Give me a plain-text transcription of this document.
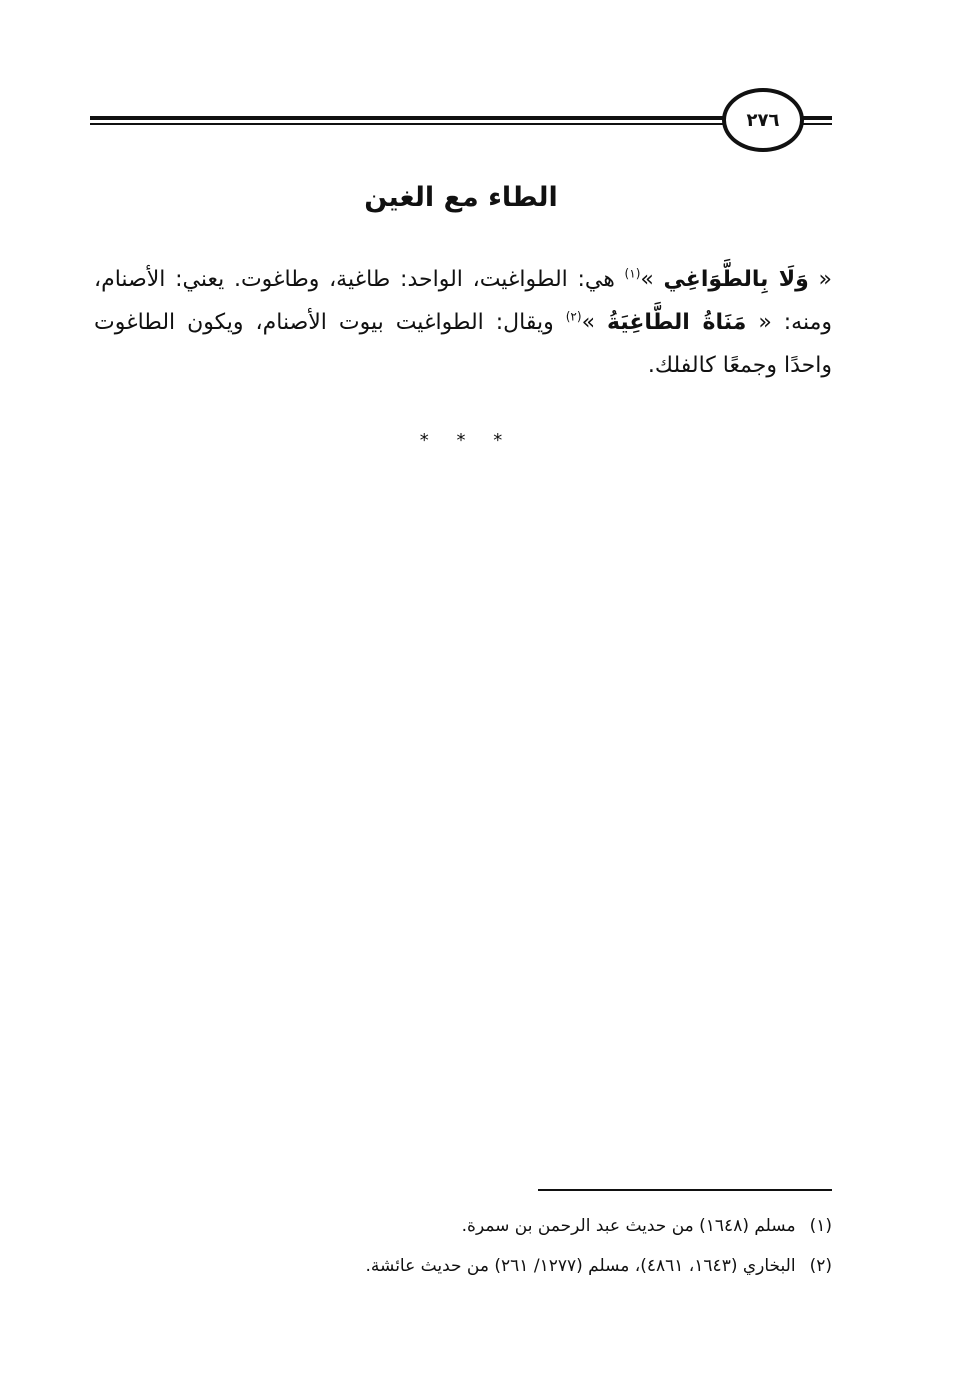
٢٧٦
الطاء مع الغين

« وَلَا بِالطَّوَاغِي »$^{(١)}$ هي: الطواغيت، الواحد: طاغية، وطاغوت. يعني: الأصنام، ومنه: « مَنَاةُ الطَّاغِيَةُ »$^{(٢)}$ ويقال: الطواغيت بيوت الأصنام، ويكون الطاغوت واحدًا وجمعًا كالفلك.

* * *
(١)مسلم (١٦٤٨) من حديث عبد الرحمن بن سمرة.
(٢)البخاري (١٦٤٣، ٤٨٦١)، مسلم (١٢٧٧/ ٢٦١) من حديث عائشة.
